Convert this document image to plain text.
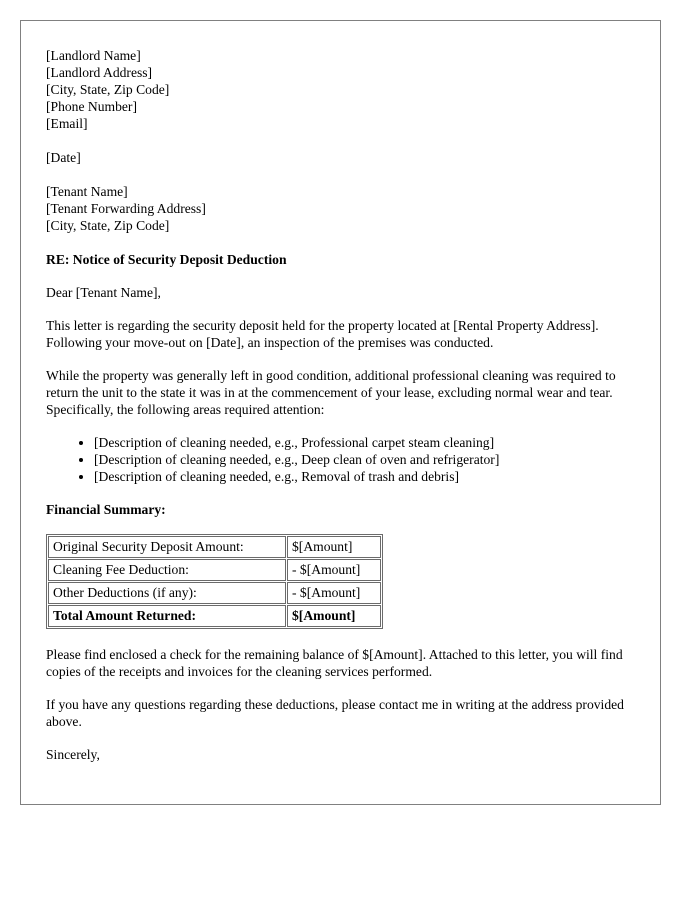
[Landlord Name]
[Landlord Address]
[City, State, Zip Code]
[Phone Number]
[Email]
[Date]
[Tenant Name]
[Tenant Forwarding Address]
[City, State, Zip Code]

RE: Notice of Security Deposit Deduction

Dear [Tenant Name],

This letter is regarding the security deposit held for the property located at [Rental Property Address]. Following your move-out on [Date], an inspection of the premises was conducted.

While the property was generally left in good condition, additional professional cleaning was required to return the unit to the state it was in at the commencement of your lease, excluding normal wear and tear. Specifically, the following areas required attention:

• [Description of cleaning needed, e.g., Professional carpet steam cleaning]
• [Description of cleaning needed, e.g., Deep clean of oven and refrigerator]
• [Description of cleaning needed, e.g., Removal of trash and debris]

Financial Summary:

Original Security Deposit Amount:	$[Amount]
Cleaning Fee Deduction:	- $[Amount]
Other Deductions (if any):	- $[Amount]
Total Amount Returned:	$[Amount]

Please find enclosed a check for the remaining balance of $[Amount]. Attached to this letter, you will find copies of the receipts and invoices for the cleaning services performed.

If you have any questions regarding these deductions, please contact me in writing at the address provided above.

Sincerely,
